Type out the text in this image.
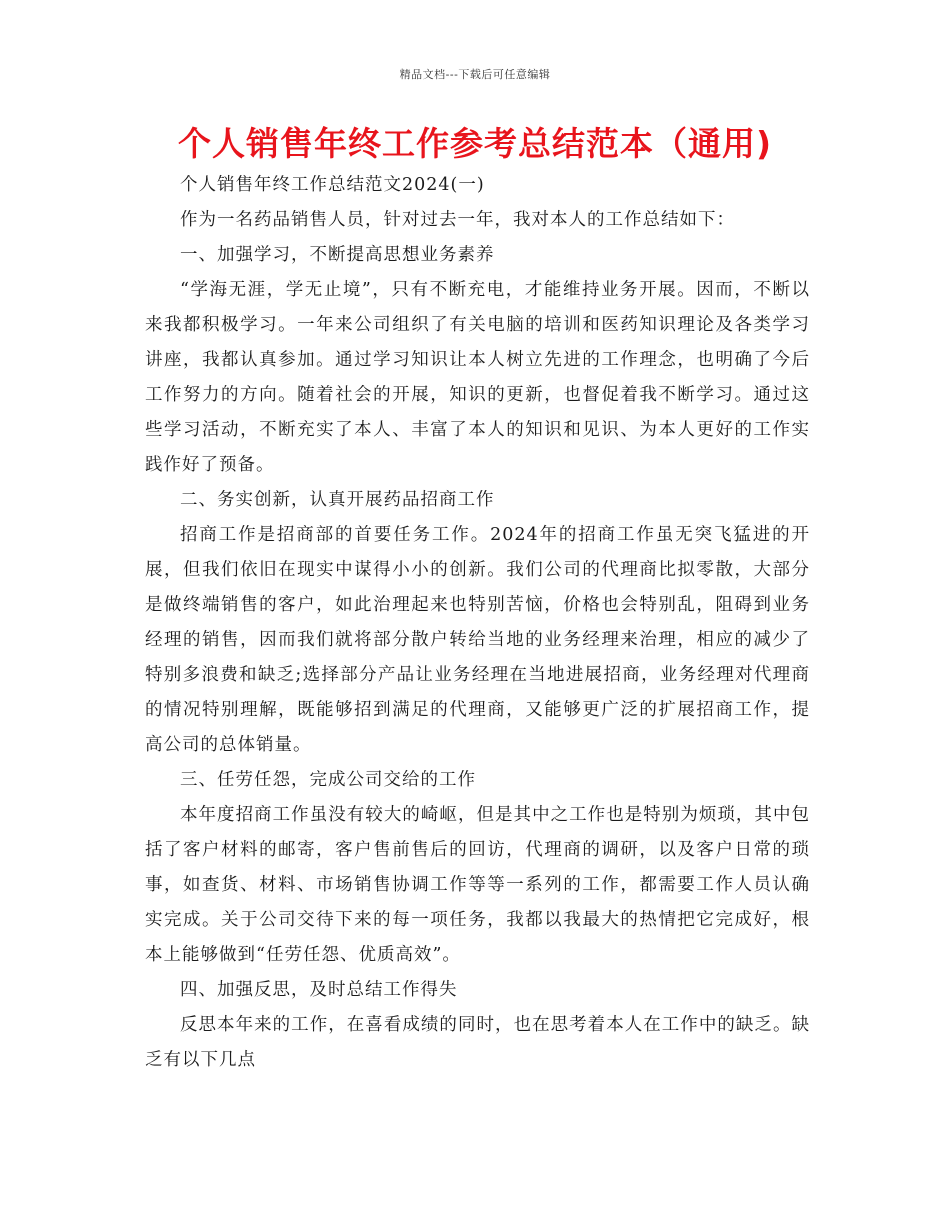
精品文档---下载后可任意编辑
个人销售年终工作参考总结范本（通用)

个人销售年终工作总结范文2024(一)

作为一名药品销售人员，针对过去一年，我对本人的工作总结如下：

一、加强学习，不断提高思想业务素养

“学海无涯，学无止境”，只有不断充电，才能维持业务开展。因而，不断以来我都积极学习。一年来公司组织了有关电脑的培训和医药知识理论及各类学习讲座，我都认真参加。通过学习知识让本人树立先进的工作理念，也明确了今后工作努力的方向。随着社会的开展，知识的更新，也督促着我不断学习。通过这些学习活动，不断充实了本人、丰富了本人的知识和见识、为本人更好的工作实践作好了预备。

二、务实创新，认真开展药品招商工作

招商工作是招商部的首要任务工作。2024年的招商工作虽无突飞猛进的开展，但我们依旧在现实中谋得小小的创新。我们公司的代理商比拟零散，大部分是做终端销售的客户，如此治理起来也特别苦恼，价格也会特别乱，阻碍到业务经理的销售，因而我们就将部分散户转给当地的业务经理来治理，相应的减少了特别多浪费和缺乏;选择部分产品让业务经理在当地进展招商，业务经理对代理商的情况特别理解，既能够招到满足的代理商，又能够更广泛的扩展招商工作，提高公司的总体销量。

三、任劳任怨，完成公司交给的工作

本年度招商工作虽没有较大的崎岖，但是其中之工作也是特别为烦琐，其中包括了客户材料的邮寄，客户售前售后的回访，代理商的调研，以及客户日常的琐事，如查货、材料、市场销售协调工作等等一系列的工作，都需要工作人员认确实完成。关于公司交待下来的每一项任务，我都以我最大的热情把它完成好，根本上能够做到“任劳任怨、优质高效”。

四、加强反思，及时总结工作得失

反思本年来的工作，在喜看成绩的同时，也在思考着本人在工作中的缺乏。缺乏有以下几点
